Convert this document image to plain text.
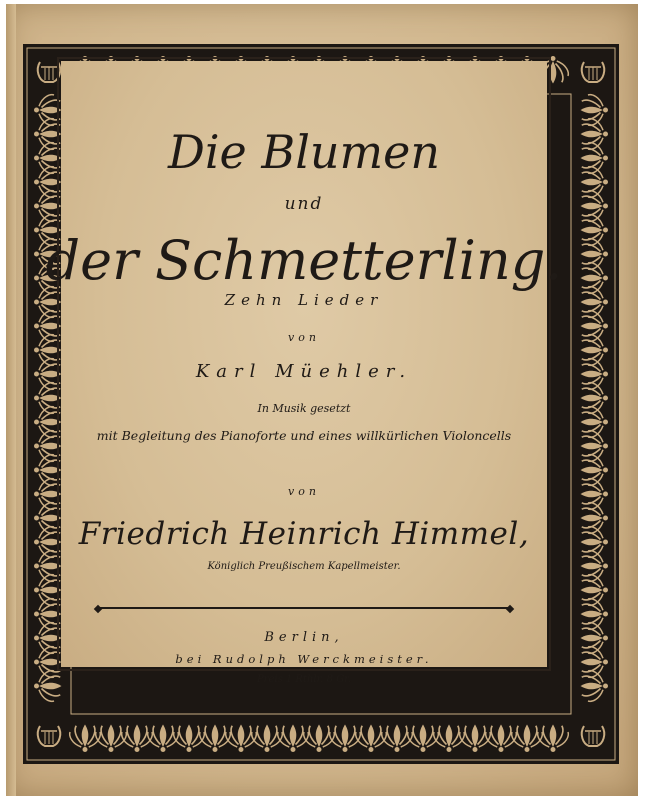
Die Blumen
und
der Schmetterling.
Zehn Lieder
von
Karl Müehler.
In Musik gesetzt
mit Begleitung des Pianoforte und eines willkürlichen Violoncells
von
Friedrich Heinrich Himmel,
Königlich Preußischem Kapellmeister.
Berlin,
bei Rudolph Werckmeister.
Preis 1 Rthlr. 8 Gr.
